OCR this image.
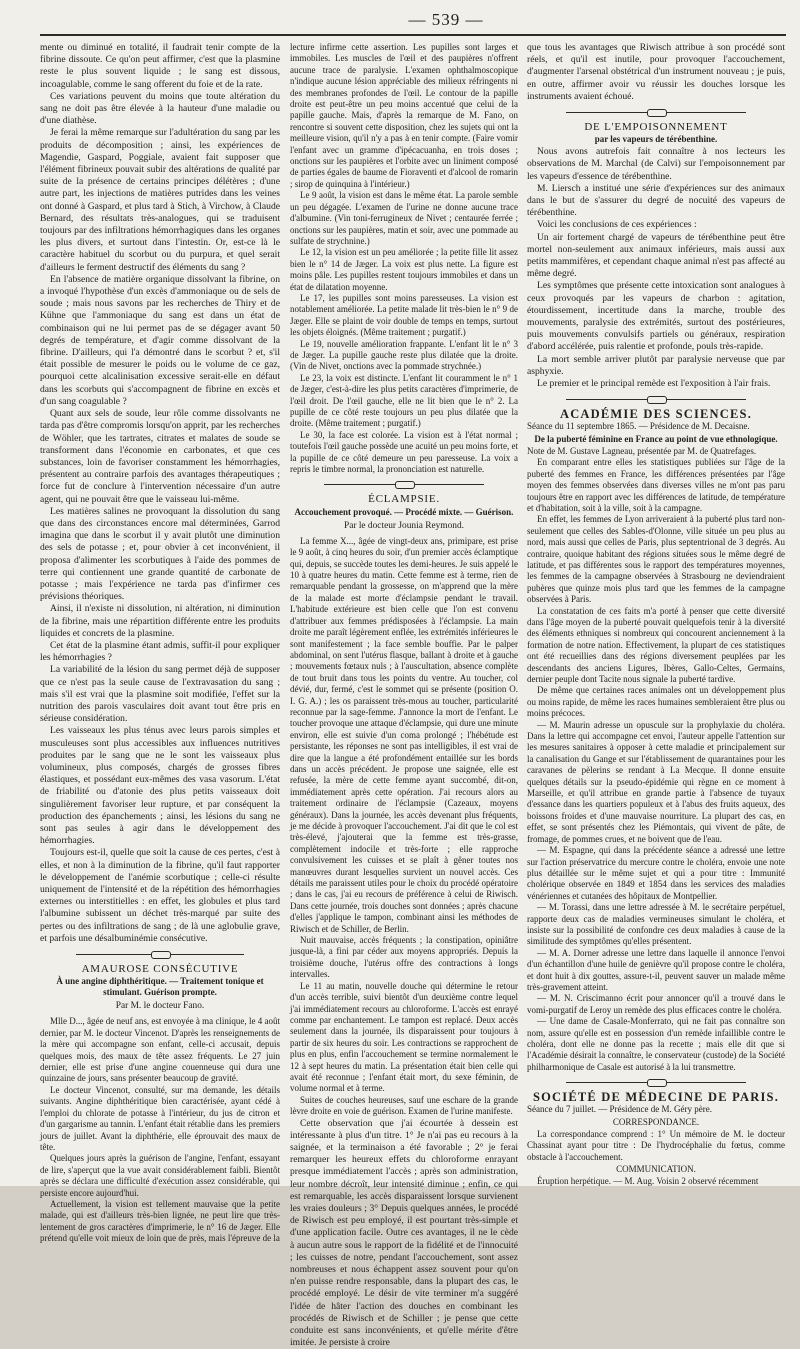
— 539 —

mente ou diminué en totalité, il faudrait tenir compte de la fibrine dissoute. Ce qu'on peut affirmer, c'est que la plasmine reste le plus souvent liquide ; le sang est dissous, incoagulable, comme le sang offerent du foie et de la rate.

Ces variations peuvent du moins que toute altération du sang ne doit pas être élevée à la hauteur d'une maladie ou d'une diathèse.

Je ferai la même remarque sur l'adultération du sang par les produits de décomposition ; ainsi, les expériences de Magendie, Gaspard, Poggiale, avaient fait supposer que l'élément fibrineux pouvait subir des altérations de qualité par suite de la présence de certains principes délétères ; d'une autre part, les injections de matières putrides dans les veines ont donné à Gaspard, et plus tard à Stich, à Virchow, à Claude Bernard, des résultats très-analogues, qui se traduisent toujours par des infiltrations hémorrhagiques dans les organes les plus divers, et surtout dans l'intestin. Or, est-ce là le caractère habituel du scorbut ou du purpura, et quel serait d'ailleurs le ferment destructif des éléments du sang ?

En l'absence de matière organique dissolvant la fibrine, on a invoqué l'hypothèse d'un excès d'ammoniaque ou de sels de soude ; mais nous savons par les recherches de Thiry et de Kühne que l'ammoniaque du sang est dans un état de combinaison qui ne lui permet pas de se dégager avant 50 degrés de température, et d'agir comme dissolvant de la fibrine. D'ailleurs, qui l'a démontré dans le scorbut ? et, s'il était possible de mesurer le poids ou le volume de ce gaz, pourquoi cette alcalinisation excessive serait-elle en défaut dans les scorbuts qui s'accompagnent de fibrine en excès et d'un sang coagulable ?

Quant aux sels de soude, leur rôle comme dissolvants ne tarda pas d'être compromis lorsqu'on apprit, par les recherches de Wöhler, que les tartrates, citrates et malates de soude se transforment dans l'économie en carbonates, et que ces substances, loin de favoriser constamment les hémorrhagies, présentent au contraire parfois des avantages thérapeutiques ; force fut de conclure à l'intervention nécessaire d'un autre agent, qui ne pouvait être que le vaisseau lui-même.

Les matières salines ne provoquant la dissolution du sang que dans des circonstances encore mal déterminées, Garrod imagina que dans le scorbut il y avait plutôt une diminution des sels de potasse ; et, pour obvier à cet inconvénient, il proposa d'alimenter les scorbutiques à l'aide des pommes de terre qui contiennent une grande quantité de carbonate de potasse ; mais l'expérience ne tarda pas d'infirmer ces prévisions théoriques.

Ainsi, il n'existe ni dissolution, ni altération, ni diminution de la fibrine, mais une répartition différente entre les produits liquides et concrets de la plasmine.

Cet état de la plasmine étant admis, suffit-il pour expliquer les hémorrhagies ?

La variabilité de la lésion du sang permet déjà de supposer que ce n'est pas la seule cause de l'extravasation du sang ; mais s'il est vrai que la plasmine soit modifiée, l'effet sur la nutrition des parois vasculaires doit avant tout être pris en sérieuse considération.

Les vaisseaux les plus ténus avec leurs parois simples et musculeuses sont plus accessibles aux influences nutritives produites par le sang que ne le sont les vaisseaux plus volumineux, plus composés, chargés de grosses fibres élastiques, et possédant eux-mêmes des vasa vasorum. L'état de friabilité ou d'atonie des plus petits vaisseaux doit singulièrement favoriser leur rupture, et par conséquent la production des épanchements ; ainsi, les lésions du sang ne sont pas seules à agir dans le développement des hémorrhagies.

Toujours est-il, quelle que soit la cause de ces pertes, c'est à elles, et non à la diminution de la fibrine, qu'il faut rapporter le développement de l'anémie scorbutique ; celle-ci résulte uniquement de l'intensité et de la répétition des hémorrhagies externes ou interstitielles : en effet, les globules et plus tard l'albumine subissent un déchet très-marqué par suite des pertes ou des infiltrations de sang ; de là une aglobulie grave, et parfois une désalbuminémie consécutive.

AMAUROSE CONSÉCUTIVE
À une angine diphthéritique. — Traitement tonique et stimulant. Guérison prompte.
Par M. le docteur Fano.

Mlle D..., âgée de neuf ans, est envoyée à ma clinique, le 4 août dernier, par M. le docteur Vincenot. D'après les renseignements de la mère qui accompagne son enfant, celle-ci accusait, depuis quelques mois, des maux de tête assez fréquents. Le 27 juin dernier, elle est prise d'une angine couenneuse qui dura une quinzaine de jours, sans présenter beaucoup de gravité.

Le docteur Vincenot, consulté, sur ma demande, les détails suivants. Angine diphthéritique bien caractérisée, ayant cédé à l'emploi du chlorate de potasse à l'intérieur, du jus de citron et d'un gargarisme au tannin. L'enfant était rétablie dans les premiers jours de juillet. Avant la diphthérie, elle éprouvait des maux de tête.

Quelques jours après la guérison de l'angine, l'enfant, essayant de lire, s'aperçut que la vue avait considérablement faibli. Bientôt après se déclara une difficulté d'exécution assez considérable, qui persiste encore aujourd'hui.

Actuellement, la vision est tellement mauvaise que la petite malade, qui est d'ailleurs très-bien lignée, ne peut lire que très-lentement de gros caractères d'imprimerie, le n° 16 de Jæger. Elle prétend qu'elle voit mieux de loin que de près, mais l'épreuve de la

lecture infirme cette assertion. Les pupilles sont larges et immobiles. Les muscles de l'œil et des paupières n'offrent aucune trace de paralysie. L'examen ophthalmoscopique n'indique aucune lésion appréciable des milieux réfringents ni des membranes profondes de l'œil. Le contour de la papille droite est peut-être un peu moins accentué que celui de la papille gauche. Mais, d'après la remarque de M. Fano, on rencontre si souvent cette disposition, chez les sujets qui ont la meilleure vision, qu'il n'y a pas à en tenir compte. (Faire vomir l'enfant avec un gramme d'ipécacuanha, en trois doses ; onctions sur les paupières et l'orbite avec un liniment composé de parties égales de baume de Fioraventi et d'alcool de romarin ; sirop de quinquina à l'intérieur.)

Le 9 août, la vision est dans le même état. La parole semble un peu dégagée. L'examen de l'urine ne donne aucune trace d'albumine. (Vin toni-ferrugineux de Nivet ; centaurée ferrée ; onctions sur les paupières, matin et soir, avec une pommade au sulfate de strychnine.)

Le 12, la vision est un peu améliorée ; la petite fille lit assez bien le n° 14 de Jæger. La voix est plus nette. La figure est moins pâle. Les pupilles restent toujours immobiles et dans un état de dilatation moyenne.

Le 17, les pupilles sont moins paresseuses. La vision est notablement améliorée. La petite malade lit très-bien le n° 9 de Jæger. Elle se plaint de voir double de temps en temps, surtout les objets éloignés. (Même traitement ; purgatif.)

Le 19, nouvelle amélioration frappante. L'enfant lit le n° 3 de Jæger. La pupille gauche reste plus dilatée que la droite. (Vin de Nivet, onctions avec la pommade strychnée.)

Le 23, la voix est distincte. L'enfant lit couramment le n° 1 de Jæger, c'est-à-dire les plus petits caractères d'imprimerie, de l'œil droit. De l'œil gauche, elle ne lit bien que le n° 2. La pupille de ce côté reste toujours un peu plus dilatée que la droite. (Même traitement ; purgatif.)

Le 30, la face est colorée. La vision est à l'état normal ; toutefois l'œil gauche possède une acuité un peu moins forte, et la pupille de ce côté demeure un peu paresseuse. La voix a repris le timbre normal, la prononciation est naturelle.

ÉCLAMPSIE.
Accouchement provoqué. — Procédé mixte. — Guérison.
Par le docteur Jounia Reymond.

La femme X..., âgée de vingt-deux ans, primipare, est prise le 9 août, à cinq heures du soir, d'un premier accès éclamptique qui, depuis, se succède toutes les demi-heures. Je suis appelé le 10 à quatre heures du matin. Cette femme est à terme, rien de remarquable pendant la grossesse, on m'apprend que la mère de la malade est morte d'éclampsie pendant le travail. L'habitude extérieure est bien celle que l'on est convenu d'attribuer aux femmes prédisposées à l'éclampsie. La main droite me paraît légèrement enflée, les extrémités inférieures le sont manifestement ; la face semble bouffie. Par le palper abdominal, on sent l'utérus flasque, ballant à droite et à gauche ; mouvements fœtaux nuls ; à l'auscultation, absence complète de tout bruit dans tous les points du ventre. Au toucher, col dévié, dur, fermé, c'est le sommet qui se présente (position O. I. G. A.) ; les os paraissent très-mous au toucher, particularité reconnue par la sage-femme. J'annonce la mort de l'enfant. Le toucher provoque une attaque d'éclampsie, qui dure une minute environ, elle est suivie d'un coma prolongé ; l'hébétude est persistante, les réponses ne sont pas intelligibles, il est vrai de dire que la langue a été profondément entaillée sur les bords dans un accès précédent. Je propose une saignée, elle est refusée, la mère de cette femme ayant succombé, dit-on, immédiatement après cette opération. J'ai recours alors au traitement ordinaire de l'éclampsie (Cazeaux, moyens généraux). Dans la journée, les accès devenant plus fréquents, je me décide à provoquer l'accouchement. J'ai dit que le col est très-élevé, j'ajouterai que la femme est très-grasse, complètement indocile et très-forte ; elle rapproche convulsivement les cuisses et se plaît à gêner toutes nos manœuvres durant lesquelles survient un nouvel accès. Ces détails me paraissent utiles pour le choix du procédé opératoire ; dans le cas, j'ai eu recours de préférence à celui de Riwisch. Dans cette journée, trois douches sont données ; après chacune d'elles j'applique le tampon, combinant ainsi les méthodes de Riwisch et de Schiller, de Berlin.

Nuit mauvaise, accès fréquents ; la constipation, opiniâtre jusque-là, a fini par céder aux moyens appropriés. Depuis la troisième douche, l'utérus offre des contractions à longs intervalles.

Le 11 au matin, nouvelle douche qui détermine le retour d'un accès terrible, suivi bientôt d'un deuxième contre lequel j'ai immédiatement recours au chloroforme. L'accès est enrayé comme par enchantement. Le tampon est replacé. Deux accès seulement dans la journée, ils disparaissent pour toujours à partir de six heures du soir. Les contractions se rapprochent de plus en plus, enfin l'accouchement se termine normalement le 12 à sept heures du matin. La présentation était bien celle qui avait été reconnue ; l'enfant était mort, du sexe féminin, de volume normal et à terme.

Suites de couches heureuses, sauf une eschare de la grande lèvre droite en voie de guérison. Examen de l'urine manifeste.

Cette observation que j'ai écourtée à dessein est intéressante à plus d'un titre. 1° Je n'ai pas eu recours à la saignée, et la terminaison a été favorable ; 2° je ferai remarquer les heureux effets du chloroforme enrayant presque immédiatement l'accès ; après son administration, leur nombre décroît, leur intensité diminue ; enfin, ce qui est remarquable, les accès disparaissent lorsque survienent les vraies douleurs ; 3° Depuis quelques années, le procédé de Riwisch est peu employé, il est pourtant très-simple et d'une application facile. Outre ces avantages, il ne le cède à aucun autre sous le rapport de la fidélité et de l'innocuité ; les cuisses de notre, pendant l'accouchement, sont assez nombreuses et nous échappent assez souvent pour qu'on n'en puisse rendre responsable, dans la plupart des cas, le procédé employé. Le désir de vite terminer m'a suggéré l'idée de hâter l'action des douches en combinant les procédés de Riwisch et de Schiller ; je pense que cette conduite est sans inconvénients, et qu'elle mérite d'être imitée. Je persiste à croire

que tous les avantages que Riwisch attribue à son procédé sont réels, et qu'il est inutile, pour provoquer l'accouchement, d'augmenter l'arsenal obstétrical d'un instrument nouveau ; je puis, en outre, affirmer avoir vu réussir les douches lorsque les instruments avaient échoué.

DE L'EMPOISONNEMENT
par les vapeurs de térébenthine.

Nous avons autrefois fait connaître à nos lecteurs les observations de M. Marchal (de Calvi) sur l'empoisonnement par les vapeurs d'essence de térébenthine.

M. Liersch a institué une série d'expériences sur des animaux dans le but de s'assurer du degré de nocuité des vapeurs de térébenthine.

Voici les conclusions de ces expériences :

Un air fortement chargé de vapeurs de térébenthine peut être mortel non-seulement aux animaux inférieurs, mais aussi aux petits mammifères, et cependant chaque animal n'est pas affecté au même degré.

Les symptômes que présente cette intoxication sont analogues à ceux provoqués par les vapeurs de charbon : agitation, étourdissement, incertitude dans la marche, trouble des mouvements, paralysie des extrémités, surtout des postérieures, puis mouvements convulsifs partiels ou généraux, respiration d'abord accélérée, puis ralentie et profonde, pouls très-rapide.

La mort semble arriver plutôt par paralysie nerveuse que par asphyxie.

Le premier et le principal remède est l'exposition à l'air frais.

ACADÉMIE DES SCIENCES.

Séance du 11 septembre 1865. — Présidence de M. Decaisne.

De la puberté féminine en France au point de vue ethnologique.

Note de M. Gustave Lagneau, présentée par M. de Quatrefages.

En comparant entre elles les statistiques publiées sur l'âge de la puberté des femmes en France, les différences présentées par l'âge moyen des femmes observées dans diverses villes ne m'ont pas paru toujours être en rapport avec les différences de latitude, de température et d'habitation, soit à la ville, soit à la campagne.

En effet, les femmes de Lyon arriveraient à la puberté plus tard non-seulement que celles des Sables-d'Olonne, ville située un peu plus au nord, mais aussi que celles de Paris, plus septentrional de 3 degrés. Au contraire, quoique habitant des régions situées sous le même degré de latitude, et pas différentes sous le rapport des températures moyennes, les femmes de la campagne observées à Strasbourg ne deviendraient pubères que quinze mois plus tard que les femmes de la campagne observées à Paris.

La constatation de ces faits m'a porté à penser que cette diversité dans l'âge moyen de la puberté pouvait quelquefois tenir à la diversité des éléments ethniques si nombreux qui concourent anciennement à la formation de notre nation. Effectivement, la plupart de ces statistiques ont été recueillies dans des régions diversement peuplées par les descendants des anciens Ligures, Ibères, Gallo-Celtes, Germains, dernier peuple dont Tacite nous signale la puberté tardive.

De même que certaines races animales ont un développement plus ou moins rapide, de même les races humaines sembleraient être plus ou moins précoces.

— M. Maurin adresse un opuscule sur la prophylaxie du choléra. Dans la lettre qui accompagne cet envoi, l'auteur appelle l'attention sur les mesures sanitaires à opposer à cette maladie et principalement sur la canalisation du Gange et sur l'établissement de quarantaines pour les caravanes de pèlerins se rendant à La Mecque. Il donne ensuite quelques détails sur la pseudo-épidémie qui règne en ce moment à Marseille, et qu'il attribue en grande partie à l'absence de tuyaux d'essance dans les quartiers populeux et à l'abus des fruits aqueux, des boissons froides et d'une mauvaise nourriture. La plupart des cas, en effet, se sont présentés chez les Piémontais, qui vivent de pâte, de fromage, de pommes crues, et ne boivent que de l'eau.

— M. Espagne, qui dans la précédente séance a adressé une lettre sur l'action préservatrice du mercure contre le choléra, envoie une note plus détaillée sur le même sujet et qui a pour titre : Immunité cholérique observée en 1849 et 1854 dans les services des maladies vénériennes et cutanées des hôpitaux de Montpellier.

— M. Torassi, dans une lettre adressée à M. le secrétaire perpétuel, rapporte deux cas de maladies vermineuses simulant le choléra, et insiste sur la possibilité de confondre ces deux maladies à cause de la similitude des symptômes qu'elles présentent.

— M. A. Dorner adresse une lettre dans laquelle il annonce l'envoi d'un échantillon d'une huile de genièvre qu'il propose contre le choléra, et dont huit à dix gouttes, assure-t-il, peuvent sauver un malade même très-gravement atteint.

— M. N. Criscimanno écrit pour annoncer qu'il a trouvé dans le vomi-purgatif de Leroy un remède des plus efficaces contre le choléra.

— Une dame de Casale-Monferrato, qui ne fait pas connaître son nom, assure qu'elle est en possession d'un remède infaillible contre le choléra, dont elle ne donne pas la recette ; mais elle dit que si l'Académie désirait la connaître, le conservateur (custode) de la Société philharmonique de Casale est autorisé à la lui transmettre.

SOCIÉTÉ DE MÉDECINE DE PARIS.

Séance du 7 juillet. — Présidence de M. Géry père.

CORRESPONDANCE.

La correspondance comprend : 1° Un mémoire de M. le docteur Chassinat ayant pour titre : De l'hydrocéphalie du fœtus, comme obstacle à l'accouchement.

COMMUNICATION.

Éruption herpétique. — M. Aug. Voisin 2 observé récemment
